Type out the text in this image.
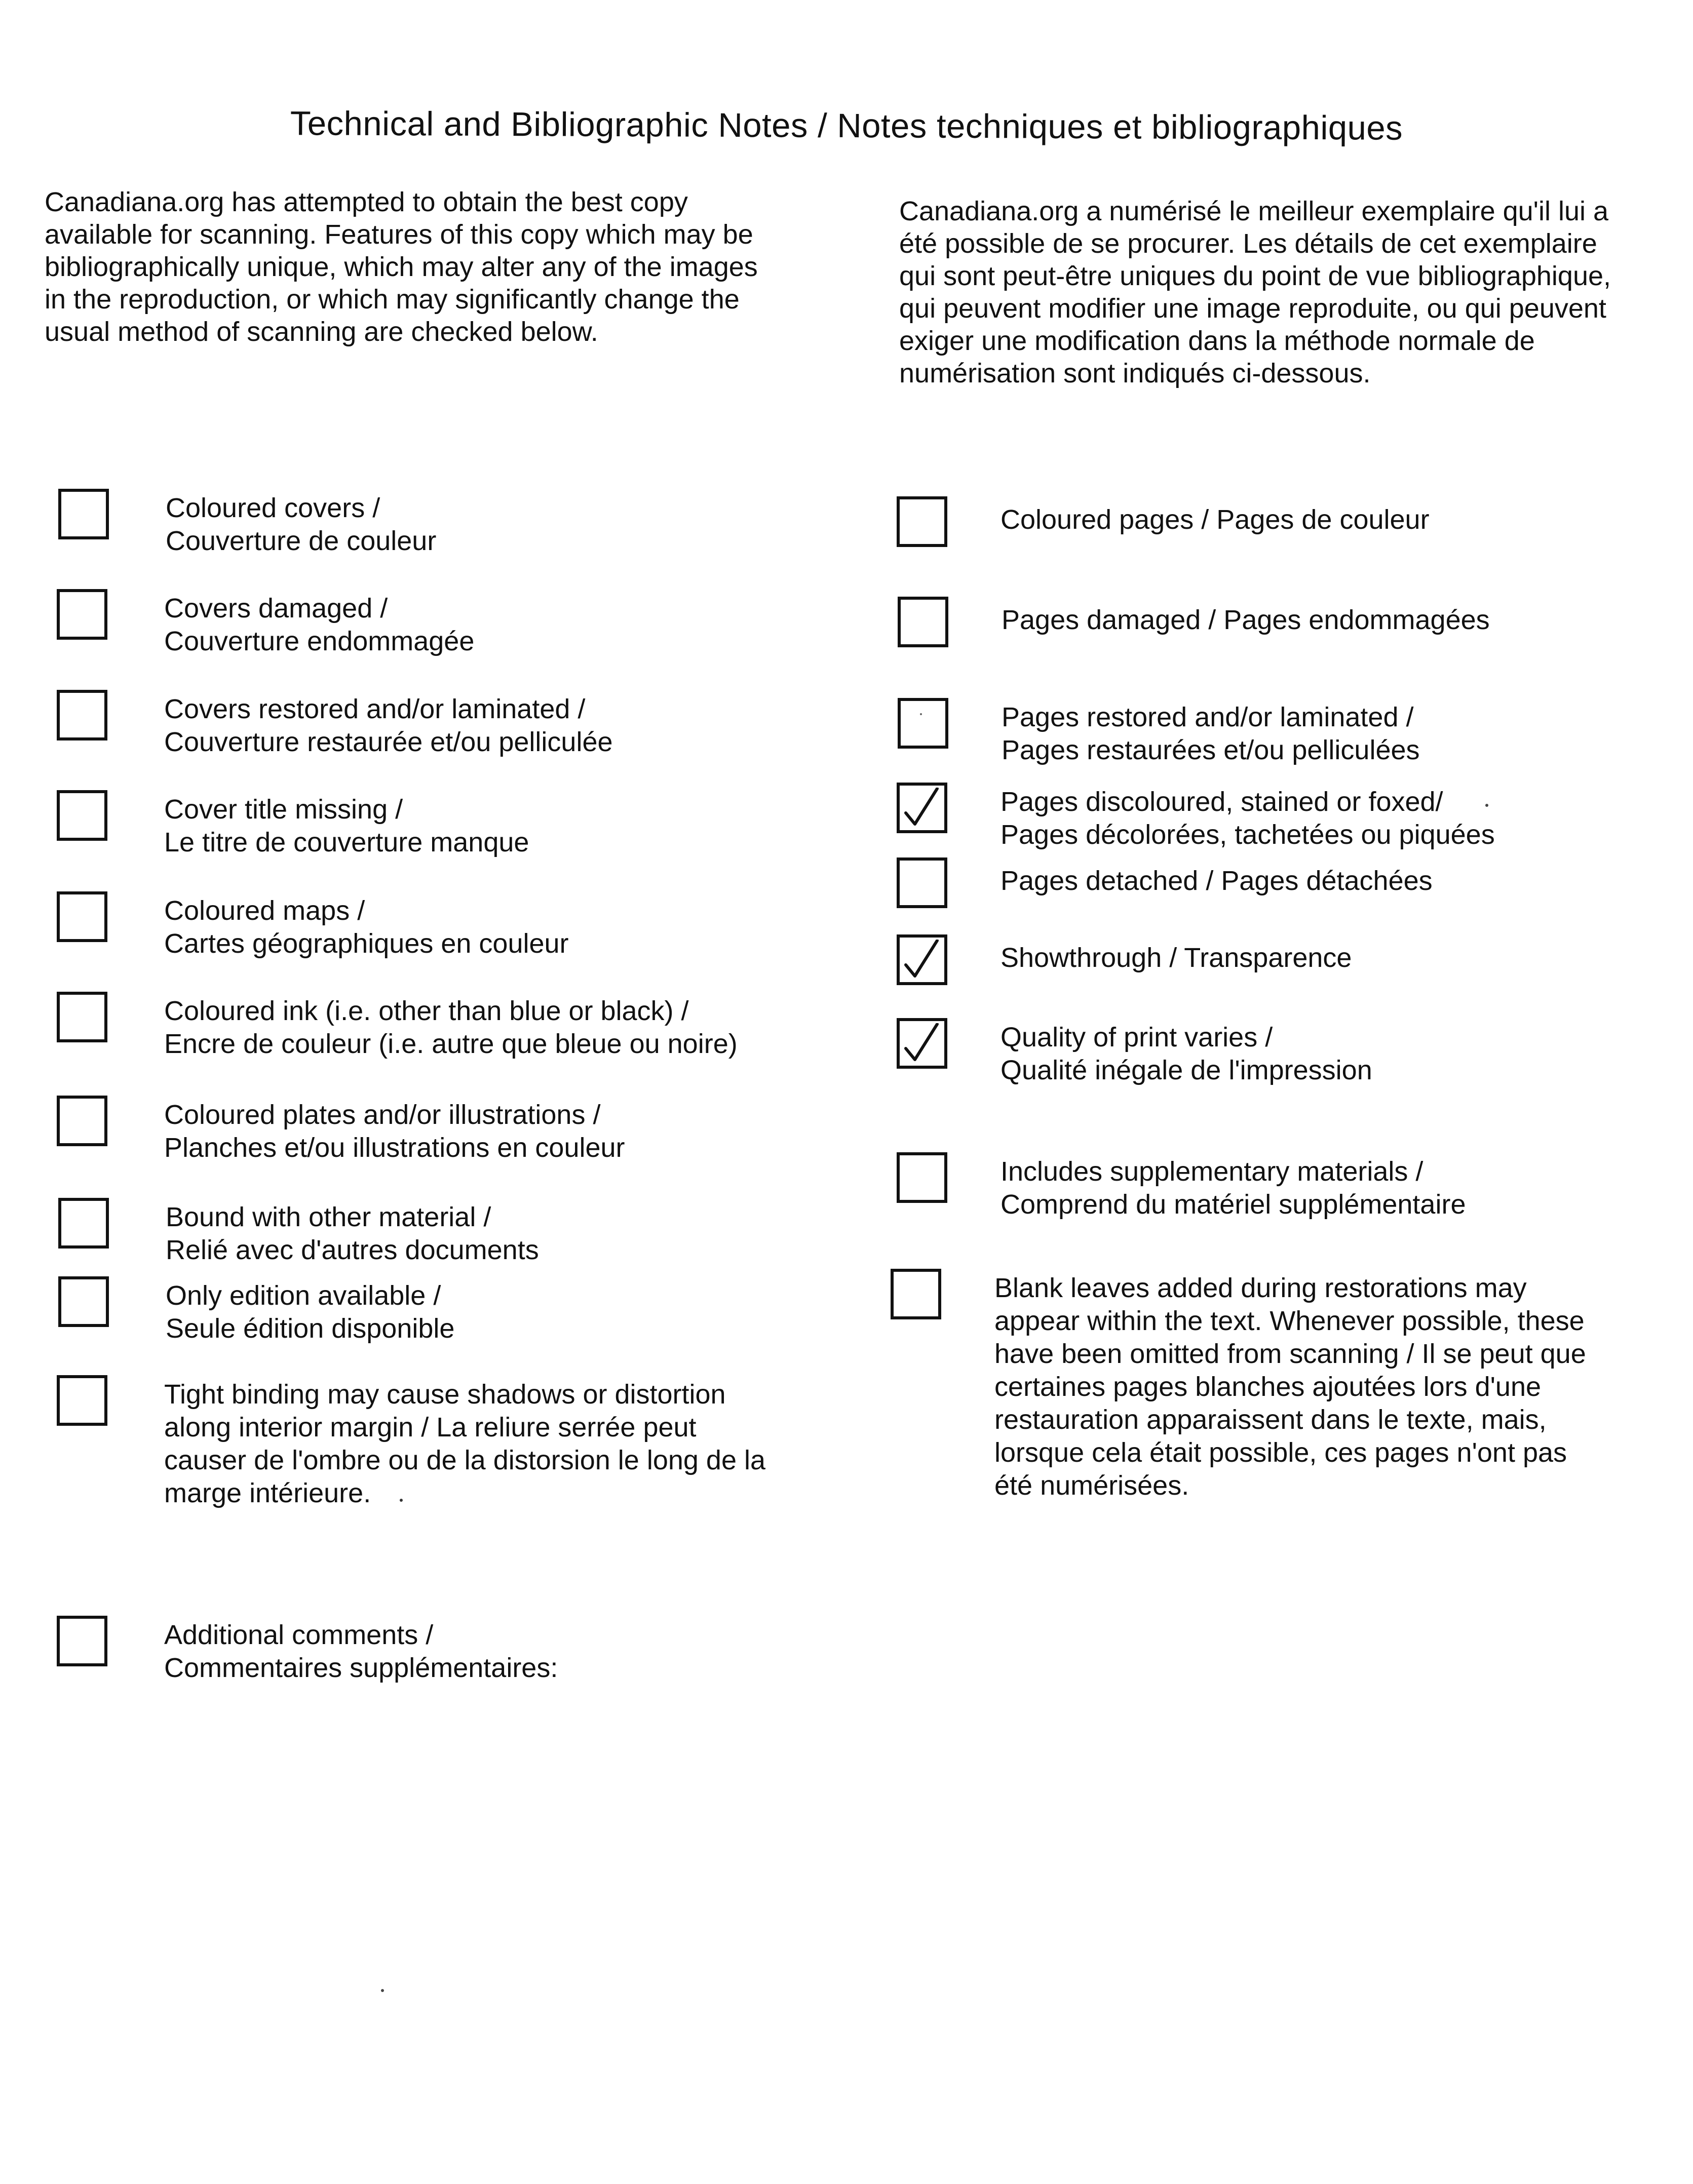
Technical and Bibliographic Notes / Notes techniques et bibliographiques
Canadiana.org has attempted to obtain the best copy
available for scanning. Features of this copy which may be
bibliographically unique, which may alter any of the images
in the reproduction, or which may significantly change the
usual method of scanning are checked below.
Canadiana.org a numérisé le meilleur exemplaire qu'il lui a
été possible de se procurer. Les détails de cet exemplaire
qui sont peut-être uniques du point de vue bibliographique,
qui peuvent modifier une image reproduite, ou qui peuvent
exiger une modification dans la méthode normale de
numérisation sont indiqués ci-dessous.
Coloured covers /
Couverture de couleur
Covers damaged /
Couverture endommagée
Covers restored and/or laminated /
Couverture restaurée et/ou pelliculée
Cover title missing /
Le titre de couverture manque
Coloured maps /
Cartes géographiques en couleur
Coloured ink (i.e. other than blue or black) /
Encre de couleur (i.e. autre que bleue ou noire)
Coloured plates and/or illustrations /
Planches et/ou illustrations en couleur
Bound with other material /
Relié avec d'autres documents
Only edition available /
Seule édition disponible
Tight binding may cause shadows or distortion
along interior margin / La reliure serrée peut
causer de l'ombre ou de la distorsion le long de la
marge intérieure.
Additional comments /
Commentaires supplémentaires:
Coloured pages / Pages de couleur
Pages damaged / Pages endommagées
Pages restored and/or laminated /
Pages restaurées et/ou pelliculées
Pages discoloured, stained or foxed/
Pages décolorées, tachetées ou piquées
Pages detached / Pages détachées
Showthrough / Transparence
Quality of print varies /
Qualité inégale de l'impression
Includes supplementary materials /
Comprend du matériel supplémentaire
Blank leaves added during restorations may
appear within the text. Whenever possible, these
have been omitted from scanning / Il se peut que
certaines pages blanches ajoutées lors d'une
restauration apparaissent dans le texte, mais,
lorsque cela était possible, ces pages n'ont pas
été numérisées.
